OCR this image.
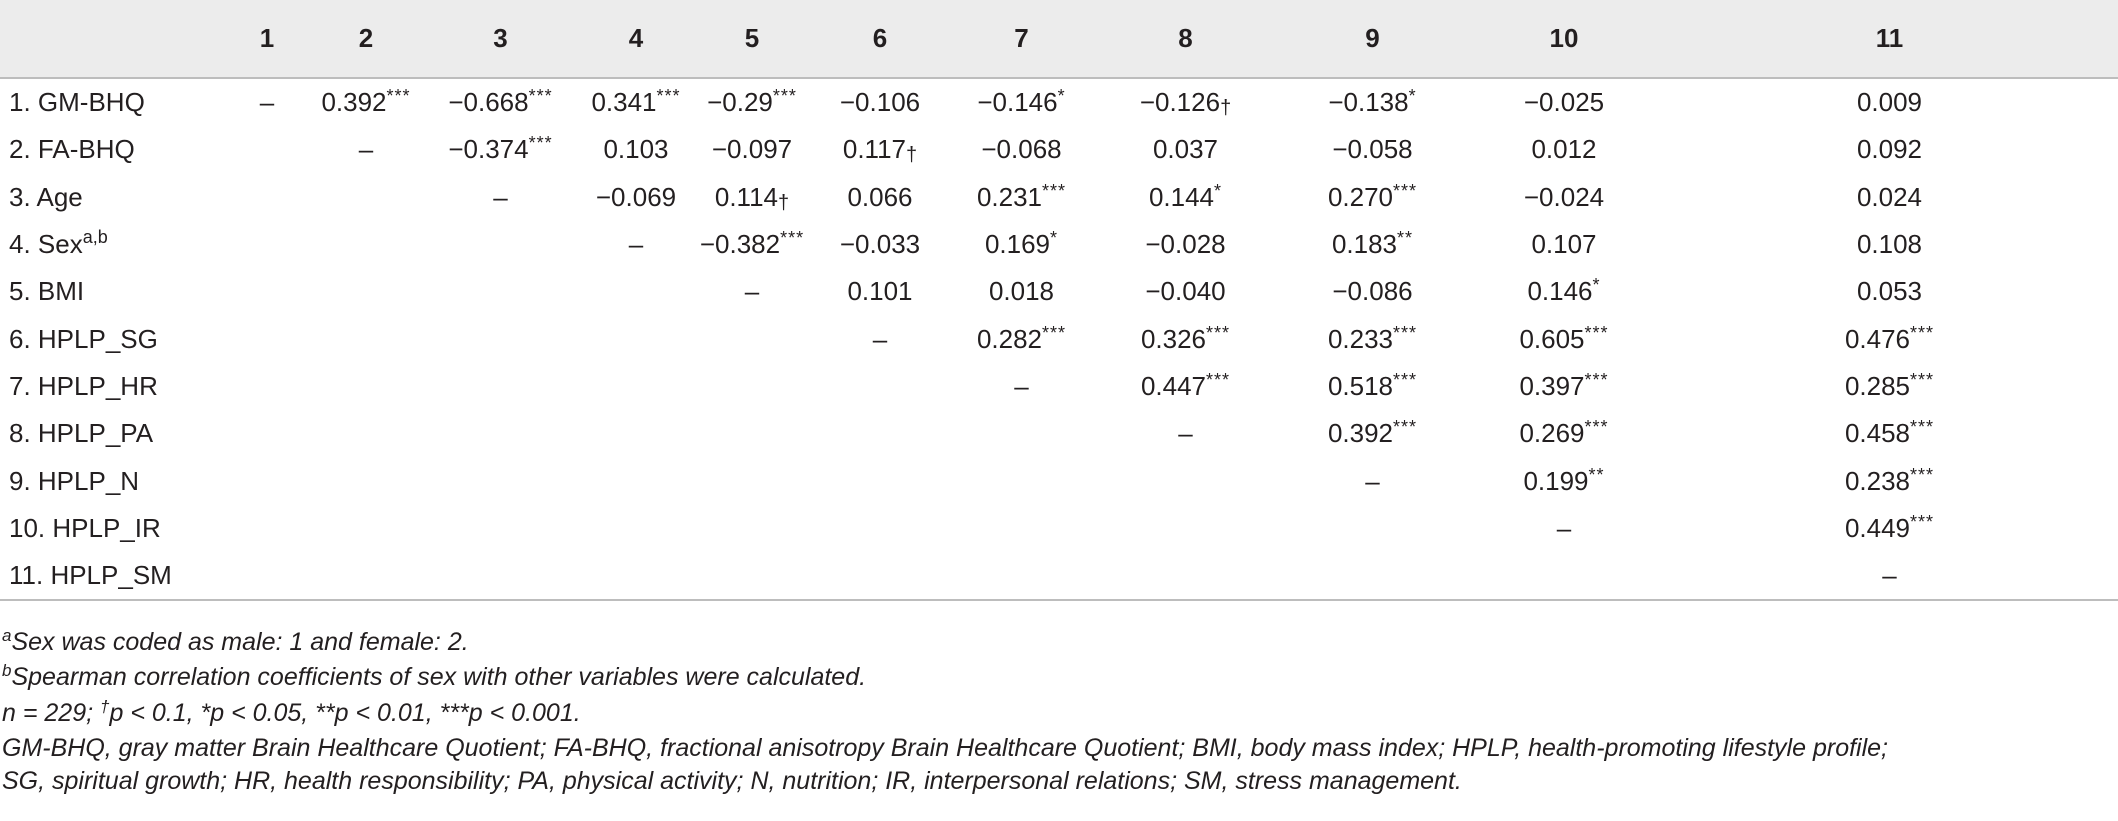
	1	2	3	4	5	6	7	8	9	10	11
1. GM-BHQ	–	0.392***	−0.668***	0.341***	−0.29***	−0.106	−0.146*	−0.126†	−0.138*	−0.025	0.009
2. FA-BHQ		–	−0.374***	0.103	−0.097	0.117†	−0.068	0.037	−0.058	0.012	0.092
3. Age			–	−0.069	0.114†	0.066	0.231***	0.144*	0.270***	−0.024	0.024
4. Sex$^{a,b}$				–	−0.382***	−0.033	0.169*	−0.028	0.183**	0.107	0.108
5. BMI					–	0.101	0.018	−0.040	−0.086	0.146*	0.053
6. HPLP_SG						–	0.282***	0.326***	0.233***	0.605***	0.476***
7. HPLP_HR							–	0.447***	0.518***	0.397***	0.285***
8. HPLP_PA								–	0.392***	0.269***	0.458***
9. HPLP_N									–	0.199**	0.238***
10. HPLP_IR										–	0.449***
11. HPLP_SM											–
$^a$Sex was coded as male: 1 and female: 2.
$^b$Spearman correlation coefficients of sex with other variables were calculated.
n = 229; †p < 0.1, *p < 0.05, **p < 0.01, ***p < 0.001.
GM-BHQ, gray matter Brain Healthcare Quotient; FA-BHQ, fractional anisotropy Brain Healthcare Quotient; BMI, body mass index; HPLP, health-promoting lifestyle profile;
SG, spiritual growth; HR, health responsibility; PA, physical activity; N, nutrition; IR, interpersonal relations; SM, stress management.
